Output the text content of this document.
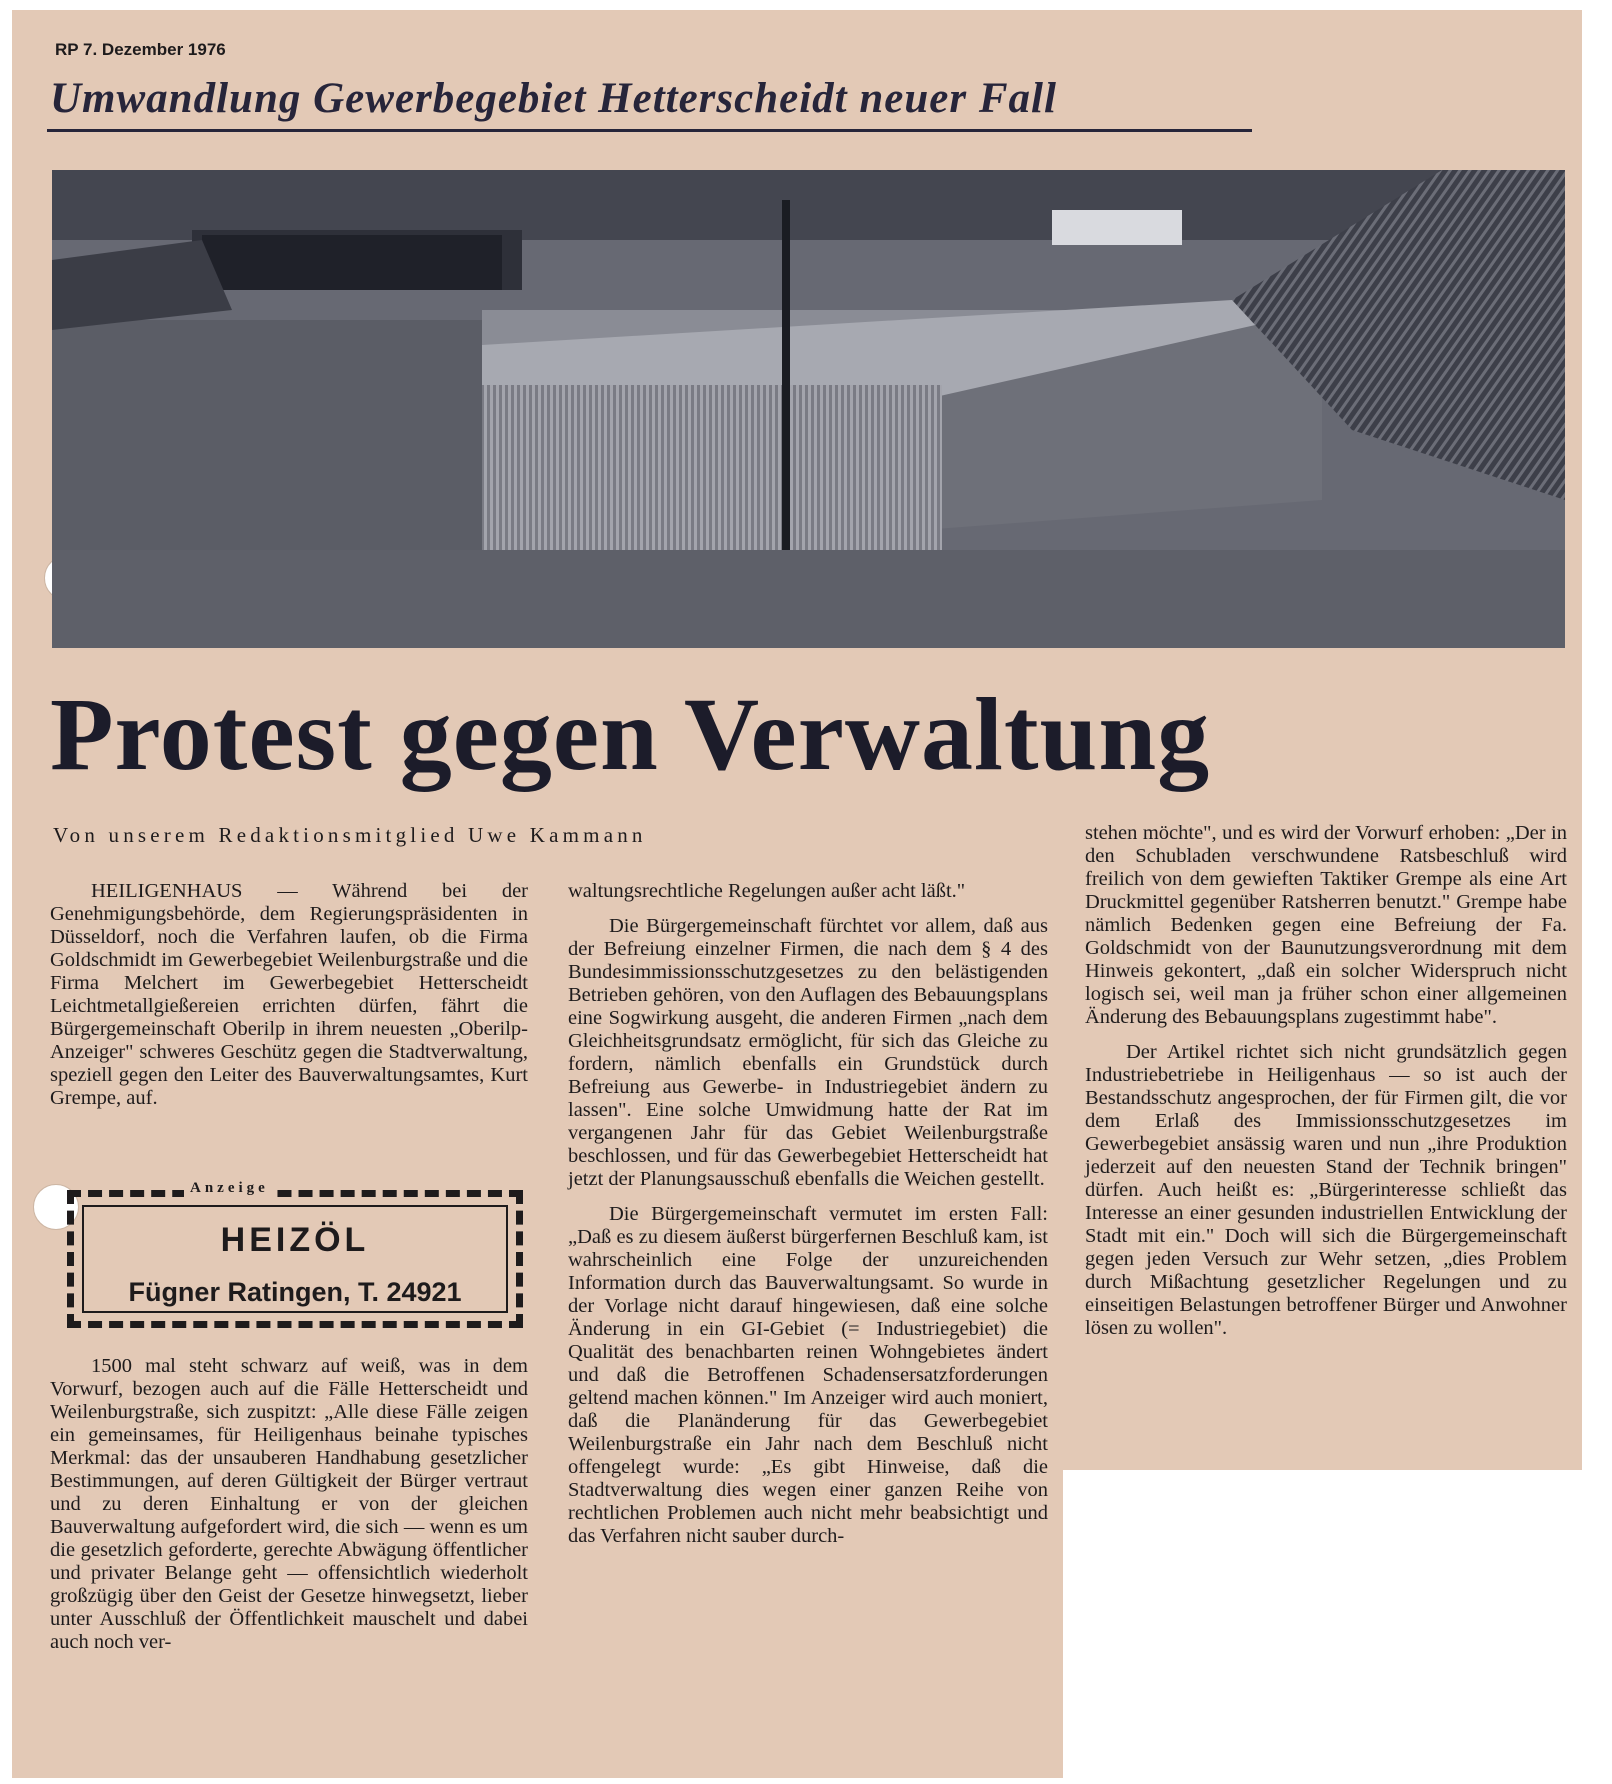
RP 7. Dezember 1976
Umwandlung Gewerbegebiet Hetterscheidt neuer Fall
Protest gegen Verwaltung
Von unserem Redaktionsmitglied Uwe Kammann

HEILIGENHAUS — Während bei der Genehmigungsbehörde, dem Regierungspräsidenten in Düsseldorf, noch die Verfahren laufen, ob die Firma Goldschmidt im Gewerbegebiet Weilenburgstraße und die Firma Melchert im Gewerbegebiet Hetterscheidt Leichtmetallgießereien errichten dürfen, fährt die Bürgergemeinschaft Oberilp in ihrem neuesten „Oberilp-Anzeiger" schweres Geschütz gegen die Stadtverwaltung, speziell gegen den Leiter des Bauverwaltungsamtes, Kurt Grempe, auf.

HEIZÖL
Fügner Ratingen, T. 24921
Anzeige

1500 mal steht schwarz auf weiß, was in dem Vorwurf, bezogen auch auf die Fälle Hetterscheidt und Weilenburgstraße, sich zuspitzt: „Alle diese Fälle zeigen ein gemeinsames, für Heiligenhaus beinahe typisches Merkmal: das der unsauberen Handhabung gesetzlicher Bestimmungen, auf deren Gültigkeit der Bürger vertraut und zu deren Einhaltung er von der gleichen Bauverwaltung aufgefordert wird, die sich — wenn es um die gesetzlich geforderte, gerechte Abwägung öffentlicher und privater Belange geht — offensichtlich wiederholt großzügig über den Geist der Gesetze hinwegsetzt, lieber unter Ausschluß der Öffentlichkeit mauschelt und dabei auch noch ver-

waltungsrechtliche Regelungen außer acht läßt."

Die Bürgergemeinschaft fürchtet vor allem, daß aus der Befreiung einzelner Firmen, die nach dem § 4 des Bundesimmissionsschutzgesetzes zu den belästigenden Betrieben gehören, von den Auflagen des Bebauungsplans eine Sogwirkung ausgeht, die anderen Firmen „nach dem Gleichheitsgrundsatz ermöglicht, für sich das Gleiche zu fordern, nämlich ebenfalls ein Grundstück durch Befreiung aus Gewerbe- in Industriegebiet ändern zu lassen". Eine solche Umwidmung hatte der Rat im vergangenen Jahr für das Gebiet Weilenburgstraße beschlossen, und für das Gewerbegebiet Hetterscheidt hat jetzt der Planungsausschuß ebenfalls die Weichen gestellt.

Die Bürgergemeinschaft vermutet im ersten Fall: „Daß es zu diesem äußerst bürgerfernen Beschluß kam, ist wahrscheinlich eine Folge der unzureichenden Information durch das Bauverwaltungsamt. So wurde in der Vorlage nicht darauf hingewiesen, daß eine solche Änderung in ein GI-Gebiet (= Industriegebiet) die Qualität des benachbarten reinen Wohngebietes ändert und daß die Betroffenen Schadensersatzforderungen geltend machen können." Im Anzeiger wird auch moniert, daß die Planänderung für das Gewerbegebiet Weilenburgstraße ein Jahr nach dem Beschluß nicht offengelegt wurde: „Es gibt Hinweise, daß die Stadtverwaltung dies wegen einer ganzen Reihe von rechtlichen Problemen auch nicht mehr beabsichtigt und das Verfahren nicht sauber durch-

stehen möchte", und es wird der Vorwurf erhoben: „Der in den Schubladen verschwundene Ratsbeschluß wird freilich von dem gewieften Taktiker Grempe als eine Art Druckmittel gegenüber Ratsherren benutzt." Grempe habe nämlich Bedenken gegen eine Befreiung der Fa. Goldschmidt von der Baunutzungsverordnung mit dem Hinweis gekontert, „daß ein solcher Widerspruch nicht logisch sei, weil man ja früher schon einer allgemeinen Änderung des Bebauungsplans zugestimmt habe".

Der Artikel richtet sich nicht grundsätzlich gegen Industriebetriebe in Heiligenhaus — so ist auch der Bestandsschutz angesprochen, der für Firmen gilt, die vor dem Erlaß des Immissionsschutzgesetzes im Gewerbegebiet ansässig waren und nun „ihre Produktion jederzeit auf den neuesten Stand der Technik bringen" dürfen. Auch heißt es: „Bürgerinteresse schließt das Interesse an einer gesunden industriellen Entwicklung der Stadt mit ein." Doch will sich die Bürgergemeinschaft gegen jeden Versuch zur Wehr setzen, „dies Problem durch Mißachtung gesetzlicher Regelungen und zu einseitigen Belastungen betroffener Bürger und Anwohner lösen zu wollen".
